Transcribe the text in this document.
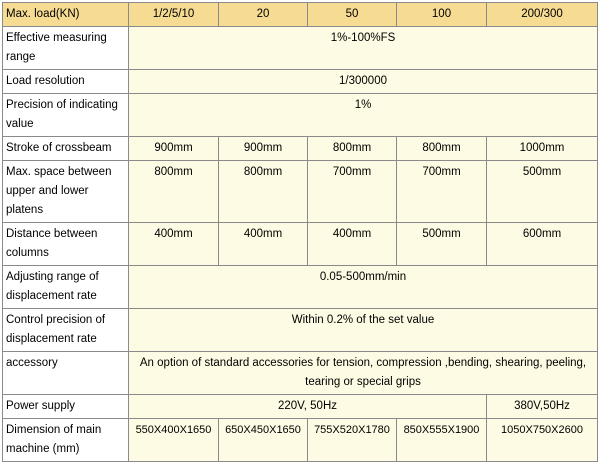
Max. load(KN)	1/2/5/10	20	50	100	200/300
Effective measuring range	1%-100%FS				
Load resolution	1/300000				
Precision of indicating value	1%				
Stroke of crossbeam	900mm	900mm	800mm	800mm	1000mm
Max. space between upper and lower platens	800mm	800mm	700mm	700mm	500mm
Distance between columns	400mm	400mm	400mm	500mm	600mm
Adjusting range of displacement rate	0.05-500mm/min				
Control precision of displacement rate	Within 0.2% of the set value				
accessory	An option of standard accessories for tension, compression ,bending, shearing, peeling, tearing or special grips				
Power supply	220V, 50Hz				380V,50Hz
Dimension of main machine (mm)	550X400X1650	650X450X1650	755X520X1780	850X555X1900	1050X750X2600
